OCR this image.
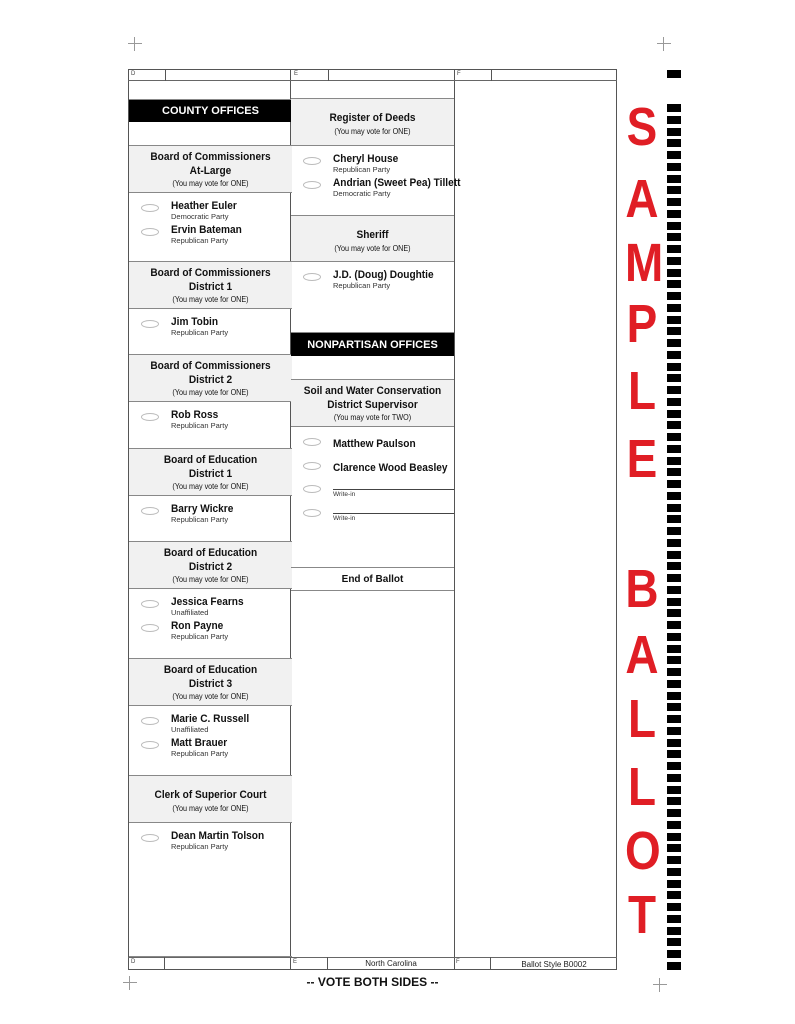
D	E	F
D	E	F
North Carolina	Ballot Style B0002
-- VOTE BOTH SIDES --
COUNTY OFFICES
Board of Commissioners
At-Large
(You may vote for ONE)
Heather Euler
Democratic Party
Ervin Bateman
Republican Party
Board of Commissioners
District 1
(You may vote for ONE)
Jim Tobin
Republican Party
Board of Commissioners
District 2
(You may vote for ONE)
Rob Ross
Republican Party
Board of Education
District 1
(You may vote for ONE)
Barry Wickre
Republican Party
Board of Education
District 2
(You may vote for ONE)
Jessica Fearns
Unaffiliated
Ron Payne
Republican Party
Board of Education
District 3
(You may vote for ONE)
Marie C. Russell
Unaffiliated
Matt Brauer
Republican Party
Clerk of Superior Court
(You may vote for ONE)
Dean Martin Tolson
Republican Party
Register of Deeds
(You may vote for ONE)
Cheryl House
Republican Party
Andrian (Sweet Pea) Tillett
Democratic Party
Sheriff
(You may vote for ONE)
J.D. (Doug) Doughtie
Republican Party
NONPARTISAN OFFICES
Soil and Water Conservation
District Supervisor
(You may vote for TWO)
Matthew Paulson
Clarence Wood Beasley
Write-in
Write-in
End of Ballot
S
A
M
P
L
E
B
A
L
L
O
T
